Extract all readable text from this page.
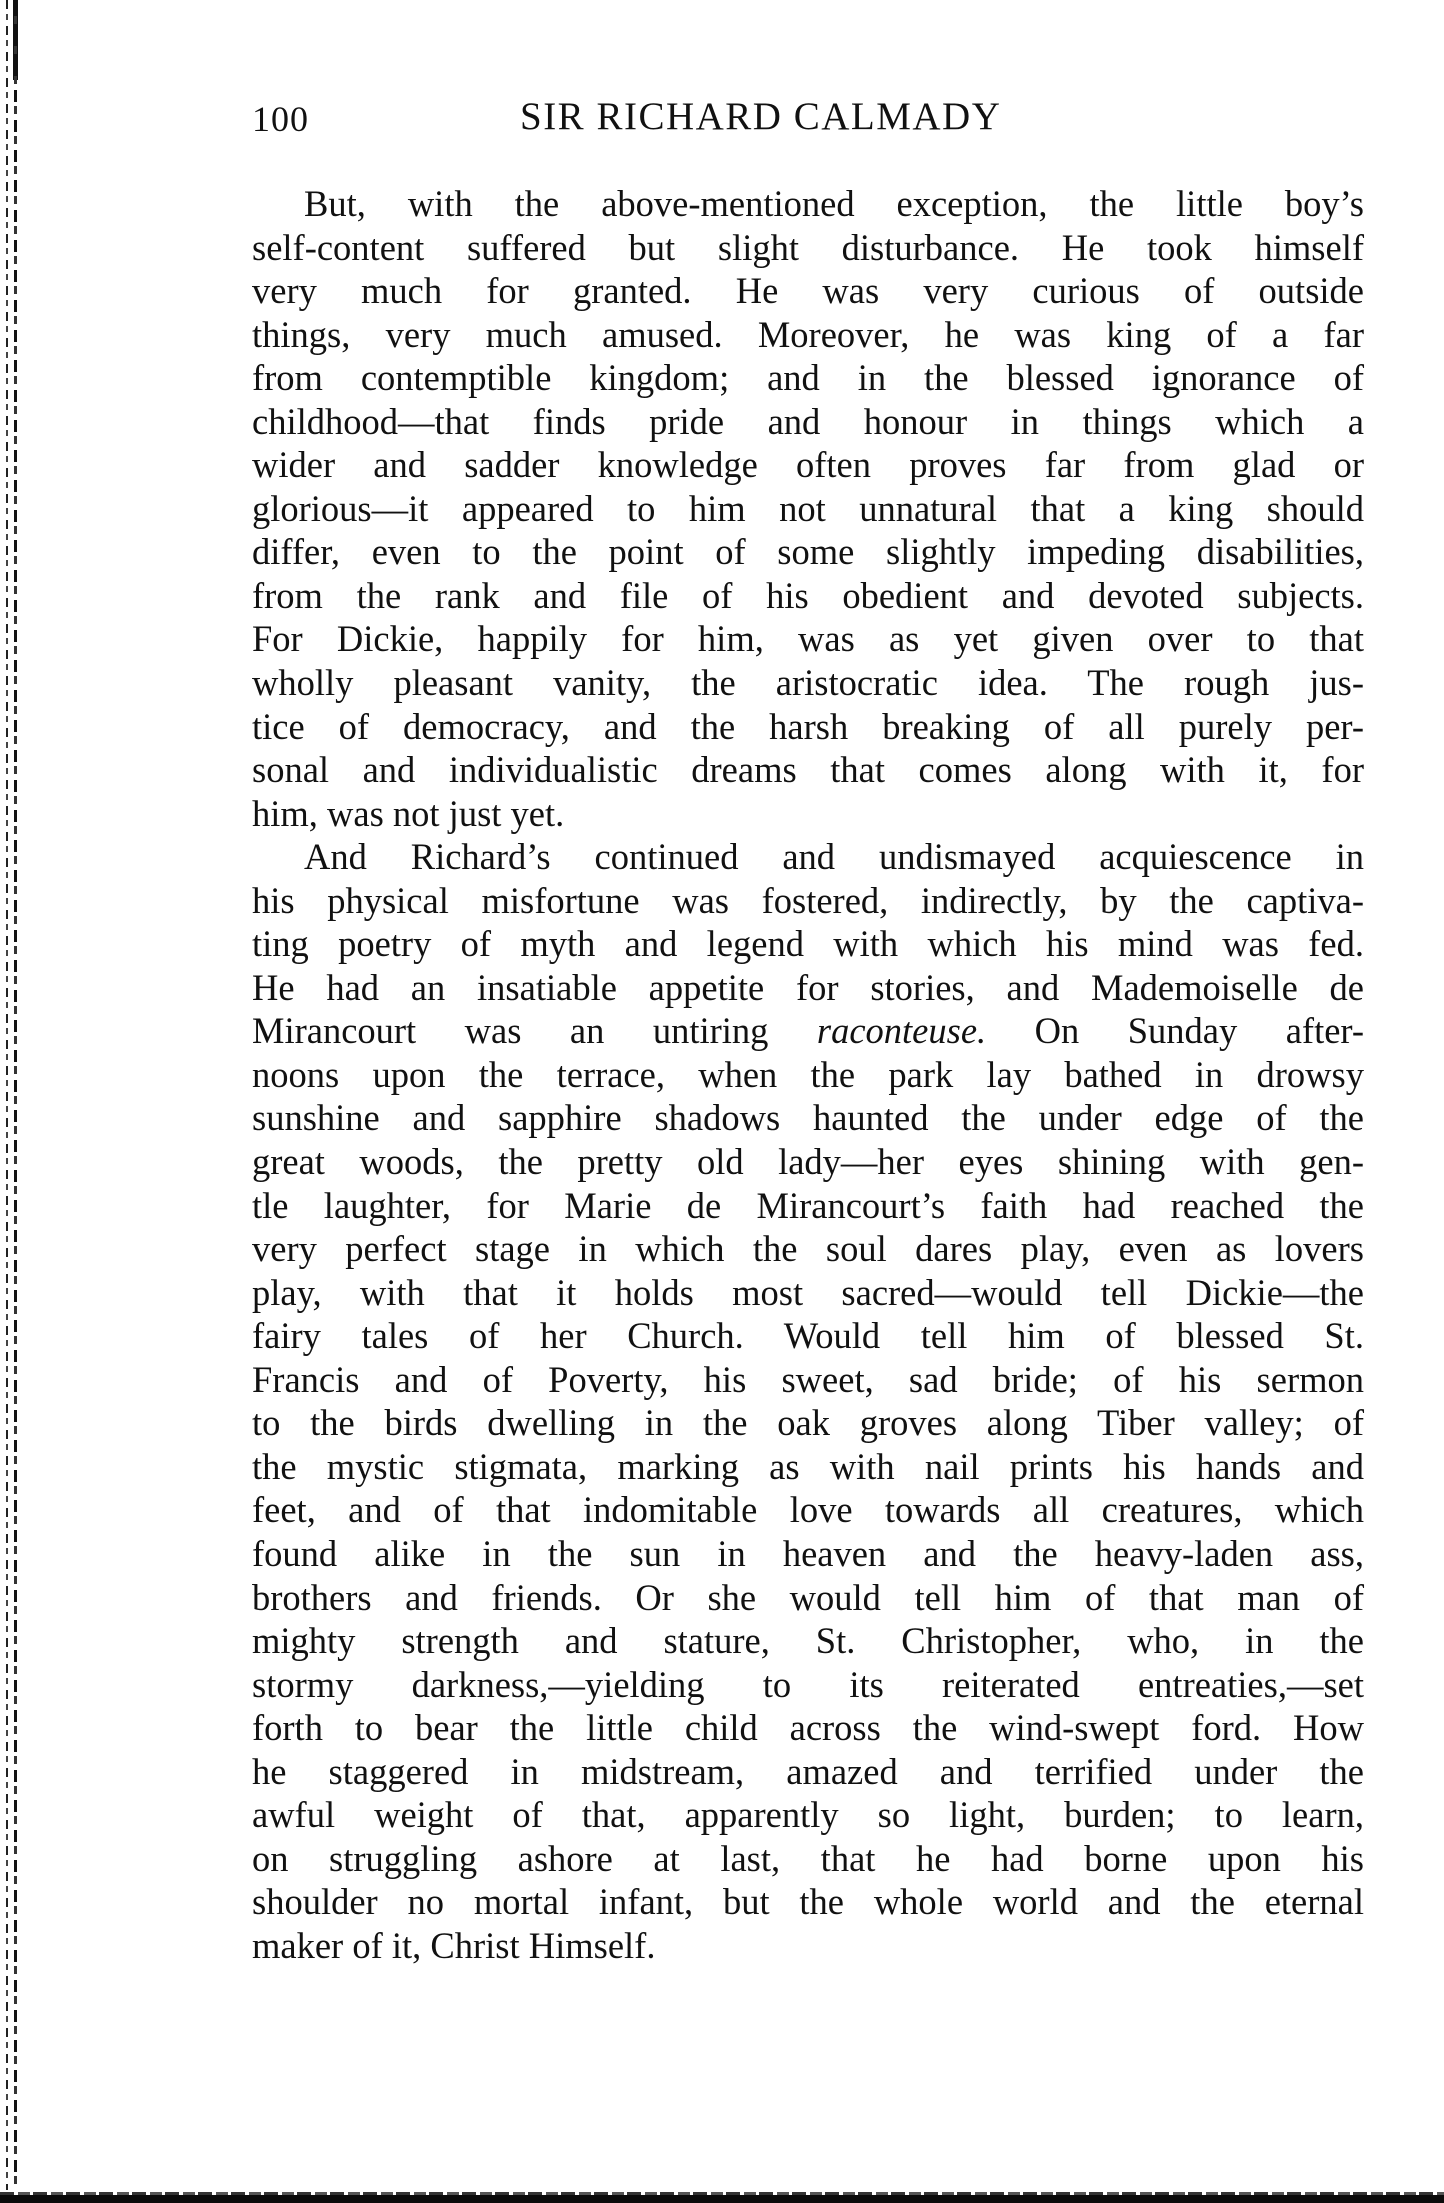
100	SIR RICHARD CALMADY

But, with the above-mentioned exception, the little boy’s
self-content suffered but slight disturbance. He took himself
very much for granted. He was very curious of outside
things, very much amused. Moreover, he was king of a far
from contemptible kingdom; and in the blessed ignorance of
childhood—that finds pride and honour in things which a
wider and sadder knowledge often proves far from glad or
glorious—it appeared to him not unnatural that a king should
differ, even to the point of some slightly impeding disabilities,
from the rank and file of his obedient and devoted subjects.
For Dickie, happily for him, was as yet given over to that
wholly pleasant vanity, the aristocratic idea. The rough jus-
tice of democracy, and the harsh breaking of all purely per-
sonal and individualistic dreams that comes along with it, for
him, was not just yet.

And Richard’s continued and undismayed acquiescence in
his physical misfortune was fostered, indirectly, by the captiva-
ting poetry of myth and legend with which his mind was fed.
He had an insatiable appetite for stories, and Mademoiselle de
Mirancourt was an untiring raconteuse. On Sunday after-
noons upon the terrace, when the park lay bathed in drowsy
sunshine and sapphire shadows haunted the under edge of the
great woods, the pretty old lady—her eyes shining with gen-
tle laughter, for Marie de Mirancourt’s faith had reached the
very perfect stage in which the soul dares play, even as lovers
play, with that it holds most sacred—would tell Dickie—the
fairy tales of her Church. Would tell him of blessed St.
Francis and of Poverty, his sweet, sad bride; of his sermon
to the birds dwelling in the oak groves along Tiber valley; of
the mystic stigmata, marking as with nail prints his hands and
feet, and of that indomitable love towards all creatures, which
found alike in the sun in heaven and the heavy-laden ass,
brothers and friends. Or she would tell him of that man of
mighty strength and stature, St. Christopher, who, in the
stormy darkness,—yielding to its reiterated entreaties,—set
forth to bear the little child across the wind-swept ford. How
he staggered in midstream, amazed and terrified under the
awful weight of that, apparently so light, burden; to learn,
on struggling ashore at last, that he had borne upon his
shoulder no mortal infant, but the whole world and the eternal
maker of it, Christ Himself.
